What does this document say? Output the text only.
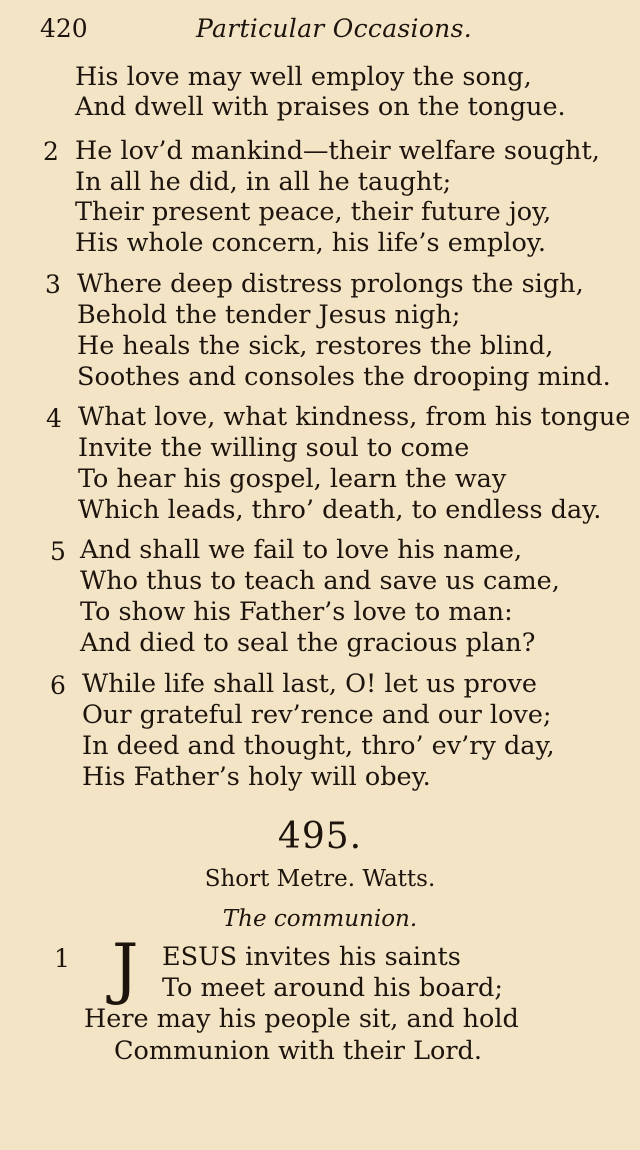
420	Particular Occasions.
His love may well employ the song,
And dwell with praises on the tongue.
2 He lov’d mankind—their welfare sought,
In all he did, in all he taught;
Their present peace, their future joy,
His whole concern, his life’s employ.
3 Where deep distress prolongs the sigh,
Behold the tender Jesus nigh;
He heals the sick, restores the blind,
Soothes and consoles the drooping mind.
4 What love, what kindness, from his tongue
Invite the willing soul to come
To hear his gospel, learn the way
Which leads, thro’ death, to endless day.
5 And shall we fail to love his name,
Who thus to teach and save us came,
To show his Father’s love to man:
And died to seal the gracious plan?
6 While life shall last, O! let us prove
Our grateful rev’rence and our love;
In deed and thought, thro’ ev’ry day,
His Father’s holy will obey.
495.
Short Metre. Watts.
The communion.
1 J ESUS invites his saints
To meet around his board;
Here may his people sit, and hold
Communion with their Lord.
